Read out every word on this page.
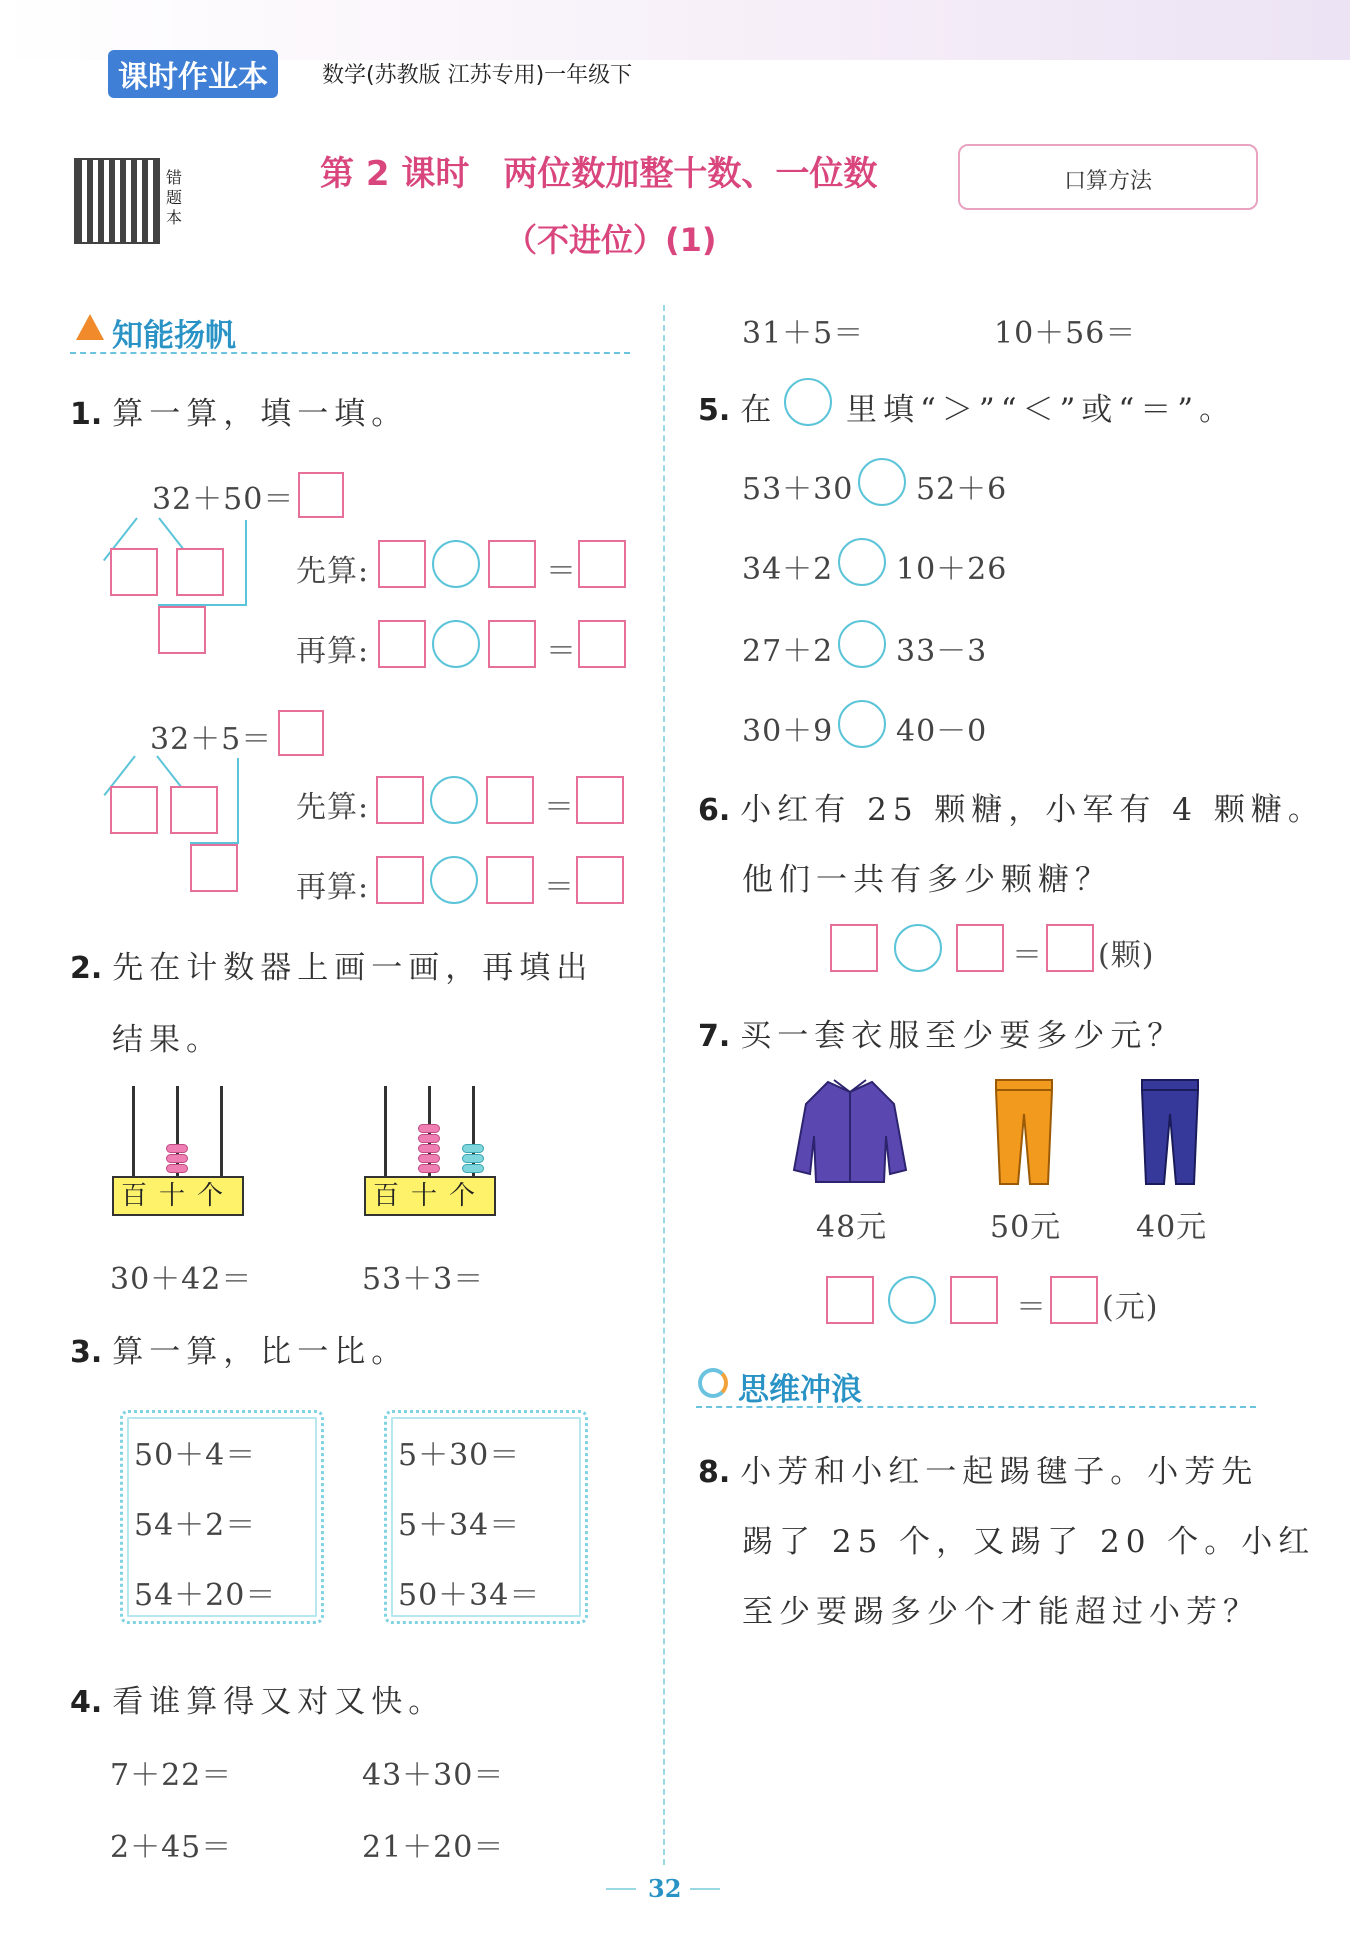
课时作业本	数学(苏教版 江苏专用)一年级下
错题本
第 2 课时　两位数加整十数、一位数
（不进位）(1)
口算方法
知能扬帆
1. 算一算，填一填。
32＋50＝
先算:	＝
再算:	＝
32＋5＝
先算:	＝
再算:	＝
2. 先在计数器上画一画，再填出
结果。
百十个
30＋42＝
百十个
53＋3＝
3. 算一算，比一比。
50＋4＝
54＋2＝
54＋20＝
5＋30＝
5＋34＝
50＋34＝
4. 看谁算得又对又快。
7＋22＝	43＋30＝
2＋45＝	21＋20＝
31＋5＝	10＋56＝
5. 在 里填“＞”“＜”或“＝”。
53＋30 52＋6
34＋2 10＋26
27＋2 33－3
30＋9 40－0
6. 小红有 25 颗糖，小军有 4 颗糖。
他们一共有多少颗糖？
＝ (颗)
7. 买一套衣服至少要多少元？
48元	50元 40元
＝ (元)
思维冲浪
8. 小芳和小红一起踢毽子。小芳先
踢了 25 个，又踢了 20 个。小红
至少要踢多少个才能超过小芳？
32
